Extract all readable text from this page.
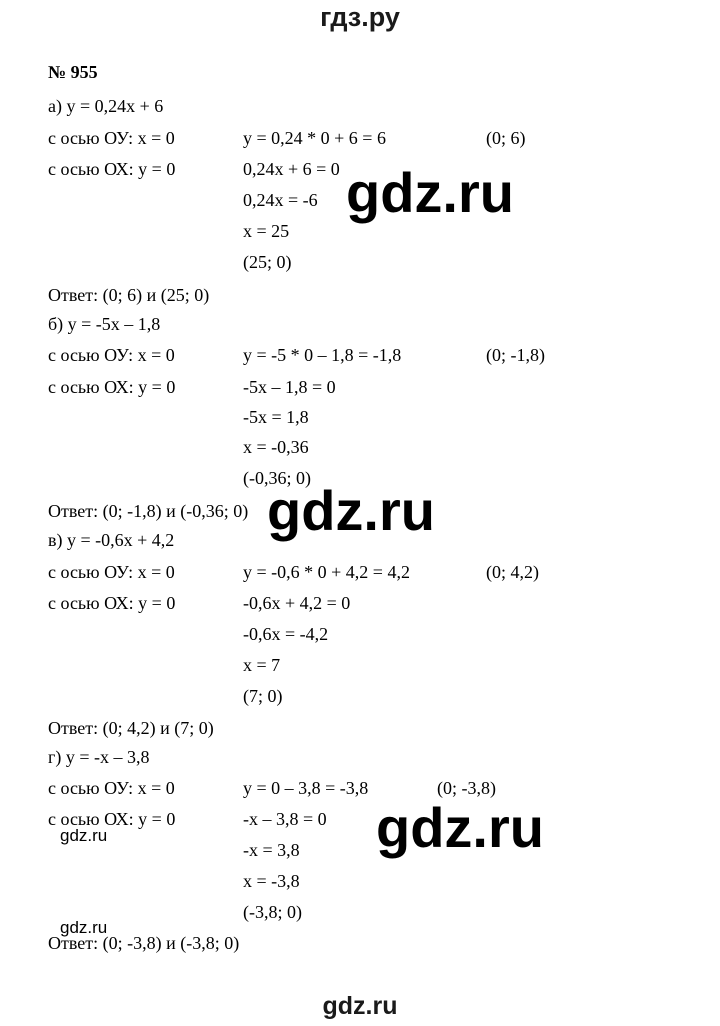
гдз.ру
№ 955
а) y = 0,24x + 6
с осью ОУ: x = 0	y = 0,24 * 0 + 6 = 6	(0; 6)
с осью ОХ: y = 0	0,24x + 6 = 0
0,24x = -6
x = 25
(25; 0)
Ответ: (0; 6) и (25; 0)
б) y = -5x – 1,8
с осью ОУ: x = 0	y = -5 * 0 – 1,8 = -1,8	(0; -1,8)
с осью ОХ: y = 0	-5x – 1,8 = 0
-5x = 1,8
x = -0,36
(-0,36; 0)
Ответ: (0; -1,8) и (-0,36; 0)
в) y = -0,6x + 4,2
с осью ОУ: x = 0	y = -0,6 * 0 + 4,2 = 4,2	(0; 4,2)
с осью ОХ: y = 0	-0,6x + 4,2 = 0
-0,6x = -4,2
x = 7
(7; 0)
Ответ: (0; 4,2) и (7; 0)
г) y = -x – 3,8
с осью ОУ: x = 0	y = 0 – 3,8 = -3,8	(0; -3,8)
с осью ОХ: y = 0	-x – 3,8 = 0
-x = 3,8
x = -3,8
(-3,8; 0)
Ответ: (0; -3,8) и (-3,8; 0)
gdz.ru
gdz.ru
gdz.ru
gdz.ru
gdz.ru
gdz.ru
